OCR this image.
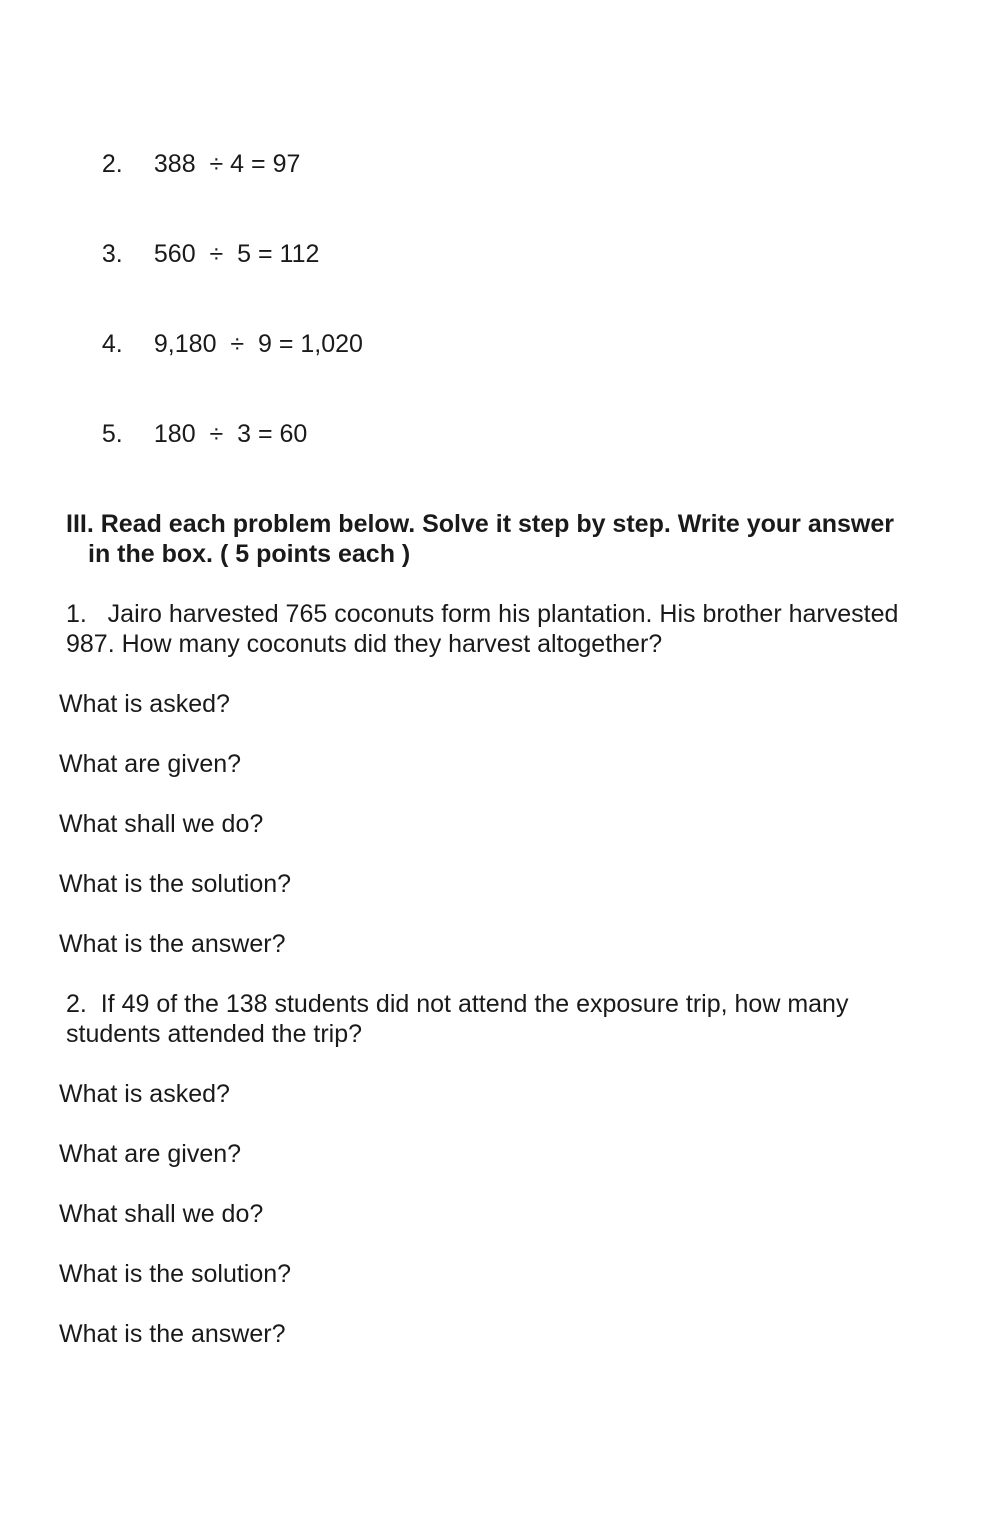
2. 388  ÷ 4 = 97

3. 560  ÷  5 = 112

4. 9,180  ÷  9 = 1,020

5. 180  ÷  3 = 60

III. Read each problem below. Solve it step by step. Write your answer
in the box. ( 5 points each )
1.   Jairo harvested 765 coconuts form his plantation. His brother harvested
987. How many coconuts did they harvest altogether?
What is asked?
What are given?
What shall we do?
What is the solution?
What is the answer?
2.  If 49 of the 138 students did not attend the exposure trip, how many
students attended the trip?
What is asked?
What are given?
What shall we do?
What is the solution?
What is the answer?
